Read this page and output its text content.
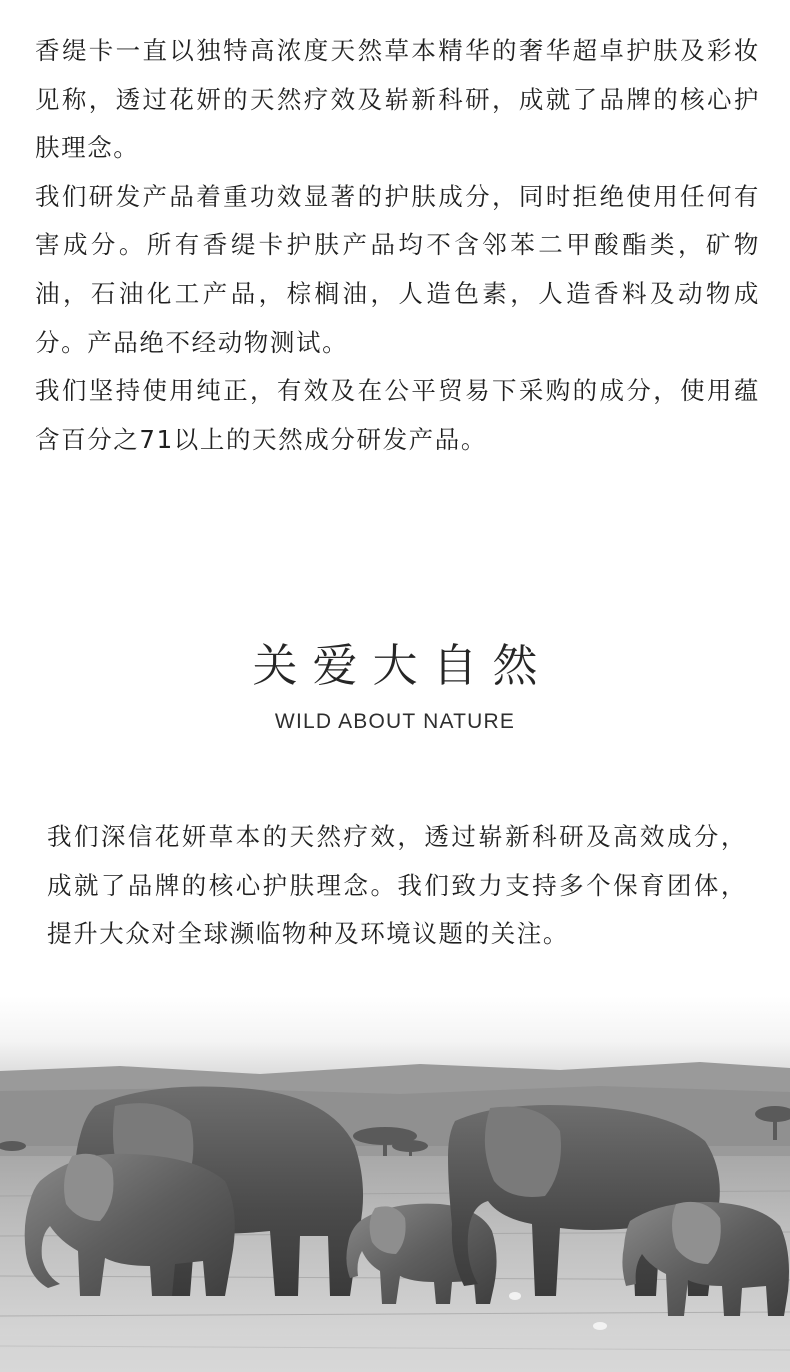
香缇卡一直以独特高浓度天然草本精华的奢华超卓护肤及彩妆见称，透过花妍的天然疗效及崭新科研，成就了品牌的核心护肤理念。

我们研发产品着重功效显著的护肤成分，同时拒绝使用任何有害成分。所有香缇卡护肤产品均不含邻苯二甲酸酯类，矿物油，石油化工产品，棕榈油，人造色素，人造香料及动物成分。产品绝不经动物测试。

我们坚持使用纯正，有效及在公平贸易下采购的成分，使用蕴含百分之71以上的天然成分研发产品。

关爱大自然
WILD ABOUT NATURE

我们深信花妍草本的天然疗效，透过崭新科研及高效成分，成就了品牌的核心护肤理念。我们致力支持多个保育团体，提升大众对全球濒临物种及环境议题的关注。
